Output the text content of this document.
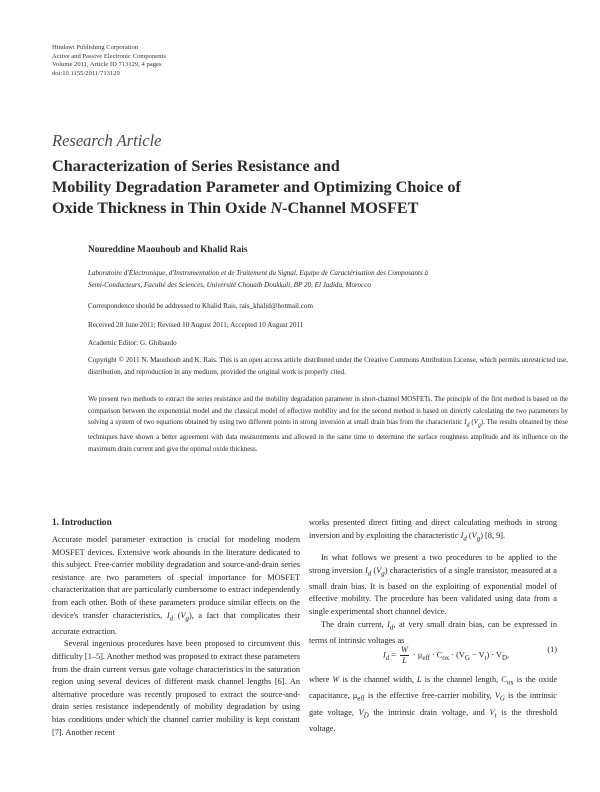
Hindawi Publishing Corporation
Active and Passive Electronic Components
Volume 2011, Article ID 713129, 4 pages
doi:10.1155/2011/713129
Research Article
Characterization of Series Resistance and
Mobility Degradation Parameter and Optimizing Choice of
Oxide Thickness in Thin Oxide N-Channel MOSFET
Noureddine Maouhoub and Khalid Rais
Laboratoire d'Électronique, d'Instrumentation et de Traitement du Signal, Equipe de Caractérisation des Composants à
Semi-Conducteurs, Faculté des Sciences, Université Chouaib Doukkali, BP 20, El Jadida, Morocco
Correspondence should be addressed to Khalid Rais, rais_khalid@hotmail.com
Received 28 June 2011; Revised 10 August 2011; Accepted 10 August 2011
Academic Editor: G. Ghibaudo
Copyright © 2011 N. Maouhoub and K. Rais. This is an open access article distributed under the Creative Commons Attribution License, which permits unrestricted use, distribution, and reproduction in any medium, provided the original work is properly cited.
We present two methods to extract the series resistance and the mobility degradation parameter in short-channel MOSFETs. The principle of the first method is based on the comparison between the exponential model and the classical model of effective mobility and for the second method is based on directly calculating the two parameters by solving a system of two equations obtained by using two different points in strong inversion at small drain bias from the characteristic $I_d$ $(V_g)$. The results obtained by these techniques have shown a better agreement with data measurements and allowed in the same time to determine the surface roughness amplitude and its influence on the maximum drain current and give the optimal oxide thickness.
1. Introduction

Accurate model parameter extraction is crucial for modeling modern MOSFET devices. Extensive work abounds in the literature dedicated to this subject. Free-carrier mobility degradation and source-and-drain series resistance are two parameters of special importance for MOSFET characterization that are particularly cumbersome to extract independently from each other. Both of these parameters produce similar effects on the device's transfer characteristics, $I_d$ $(V_g)$, a fact that complicates their accurate extraction.

Several ingenious procedures have been proposed to circumvent this difficulty [1–5]. Another method was proposed to extract these parameters from the drain current versus gate voltage characteristics in the saturation region using several devices of different mask channel lengths [6]. An alternative procedure was recently proposed to extract the source-and-drain series resistance independently of mobility degradation by using bias conditions under which the channel carrier mobility is kept constant [7]. Another recent

works presented direct fitting and direct calculating methods in strong inversion and by exploiting the characteristic $I_d$ $(V_g)$ [8, 9].

In what follows we present a two procedures to be applied to the strong inversion $I_d$ $(V_g)$ characteristics of a single transistor, measured at a small drain bias. It is based on the exploiting of exponential model of effective mobility. The procedure has been validated using data from a single experimental short channel device.

The drain current, $I_d$, at very small drain bias, can be expressed in terms of intrinsic voltages as

$I_d = \frac{W}{L} \cdot \mu_{eff} \cdot C_{ox} \cdot (V_G - V_t) \cdot V_D$,
(1)

where W is the channel width, L is the channel length, $C_{ox}$ is the oxide capacitance, $\mu_{eff}$ is the effective free-carrier mobility, $V_G$ is the intrinsic gate voltage, $V_D$ the intrinsic drain voltage, and $V_t$ is the threshold voltage.
